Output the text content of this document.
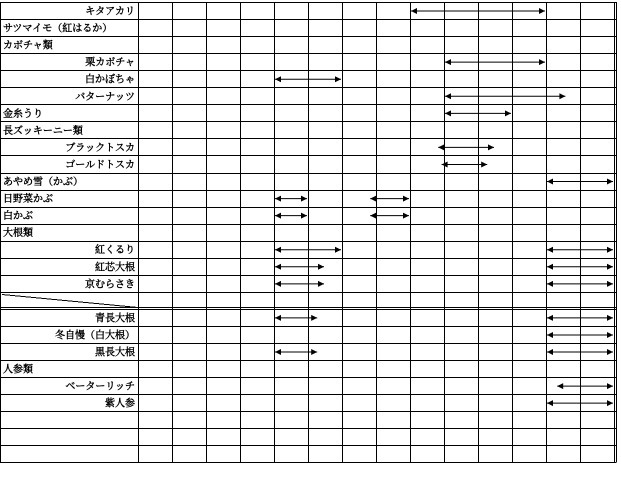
キタアカリ
サツマイモ（紅はるか）
カボチャ類
栗カボチャ
白かぼちゃ
バターナッツ
金糸うり
長ズッキーニー類
ブラックトスカ
ゴールドトスカ
あやめ雪（かぶ）
日野菜かぶ
白かぶ
大根類
紅くるり
紅芯大根
京むらさき
青長大根
冬自慢（白大根）
黒長大根
人参類
ベーターリッチ
紫人参
